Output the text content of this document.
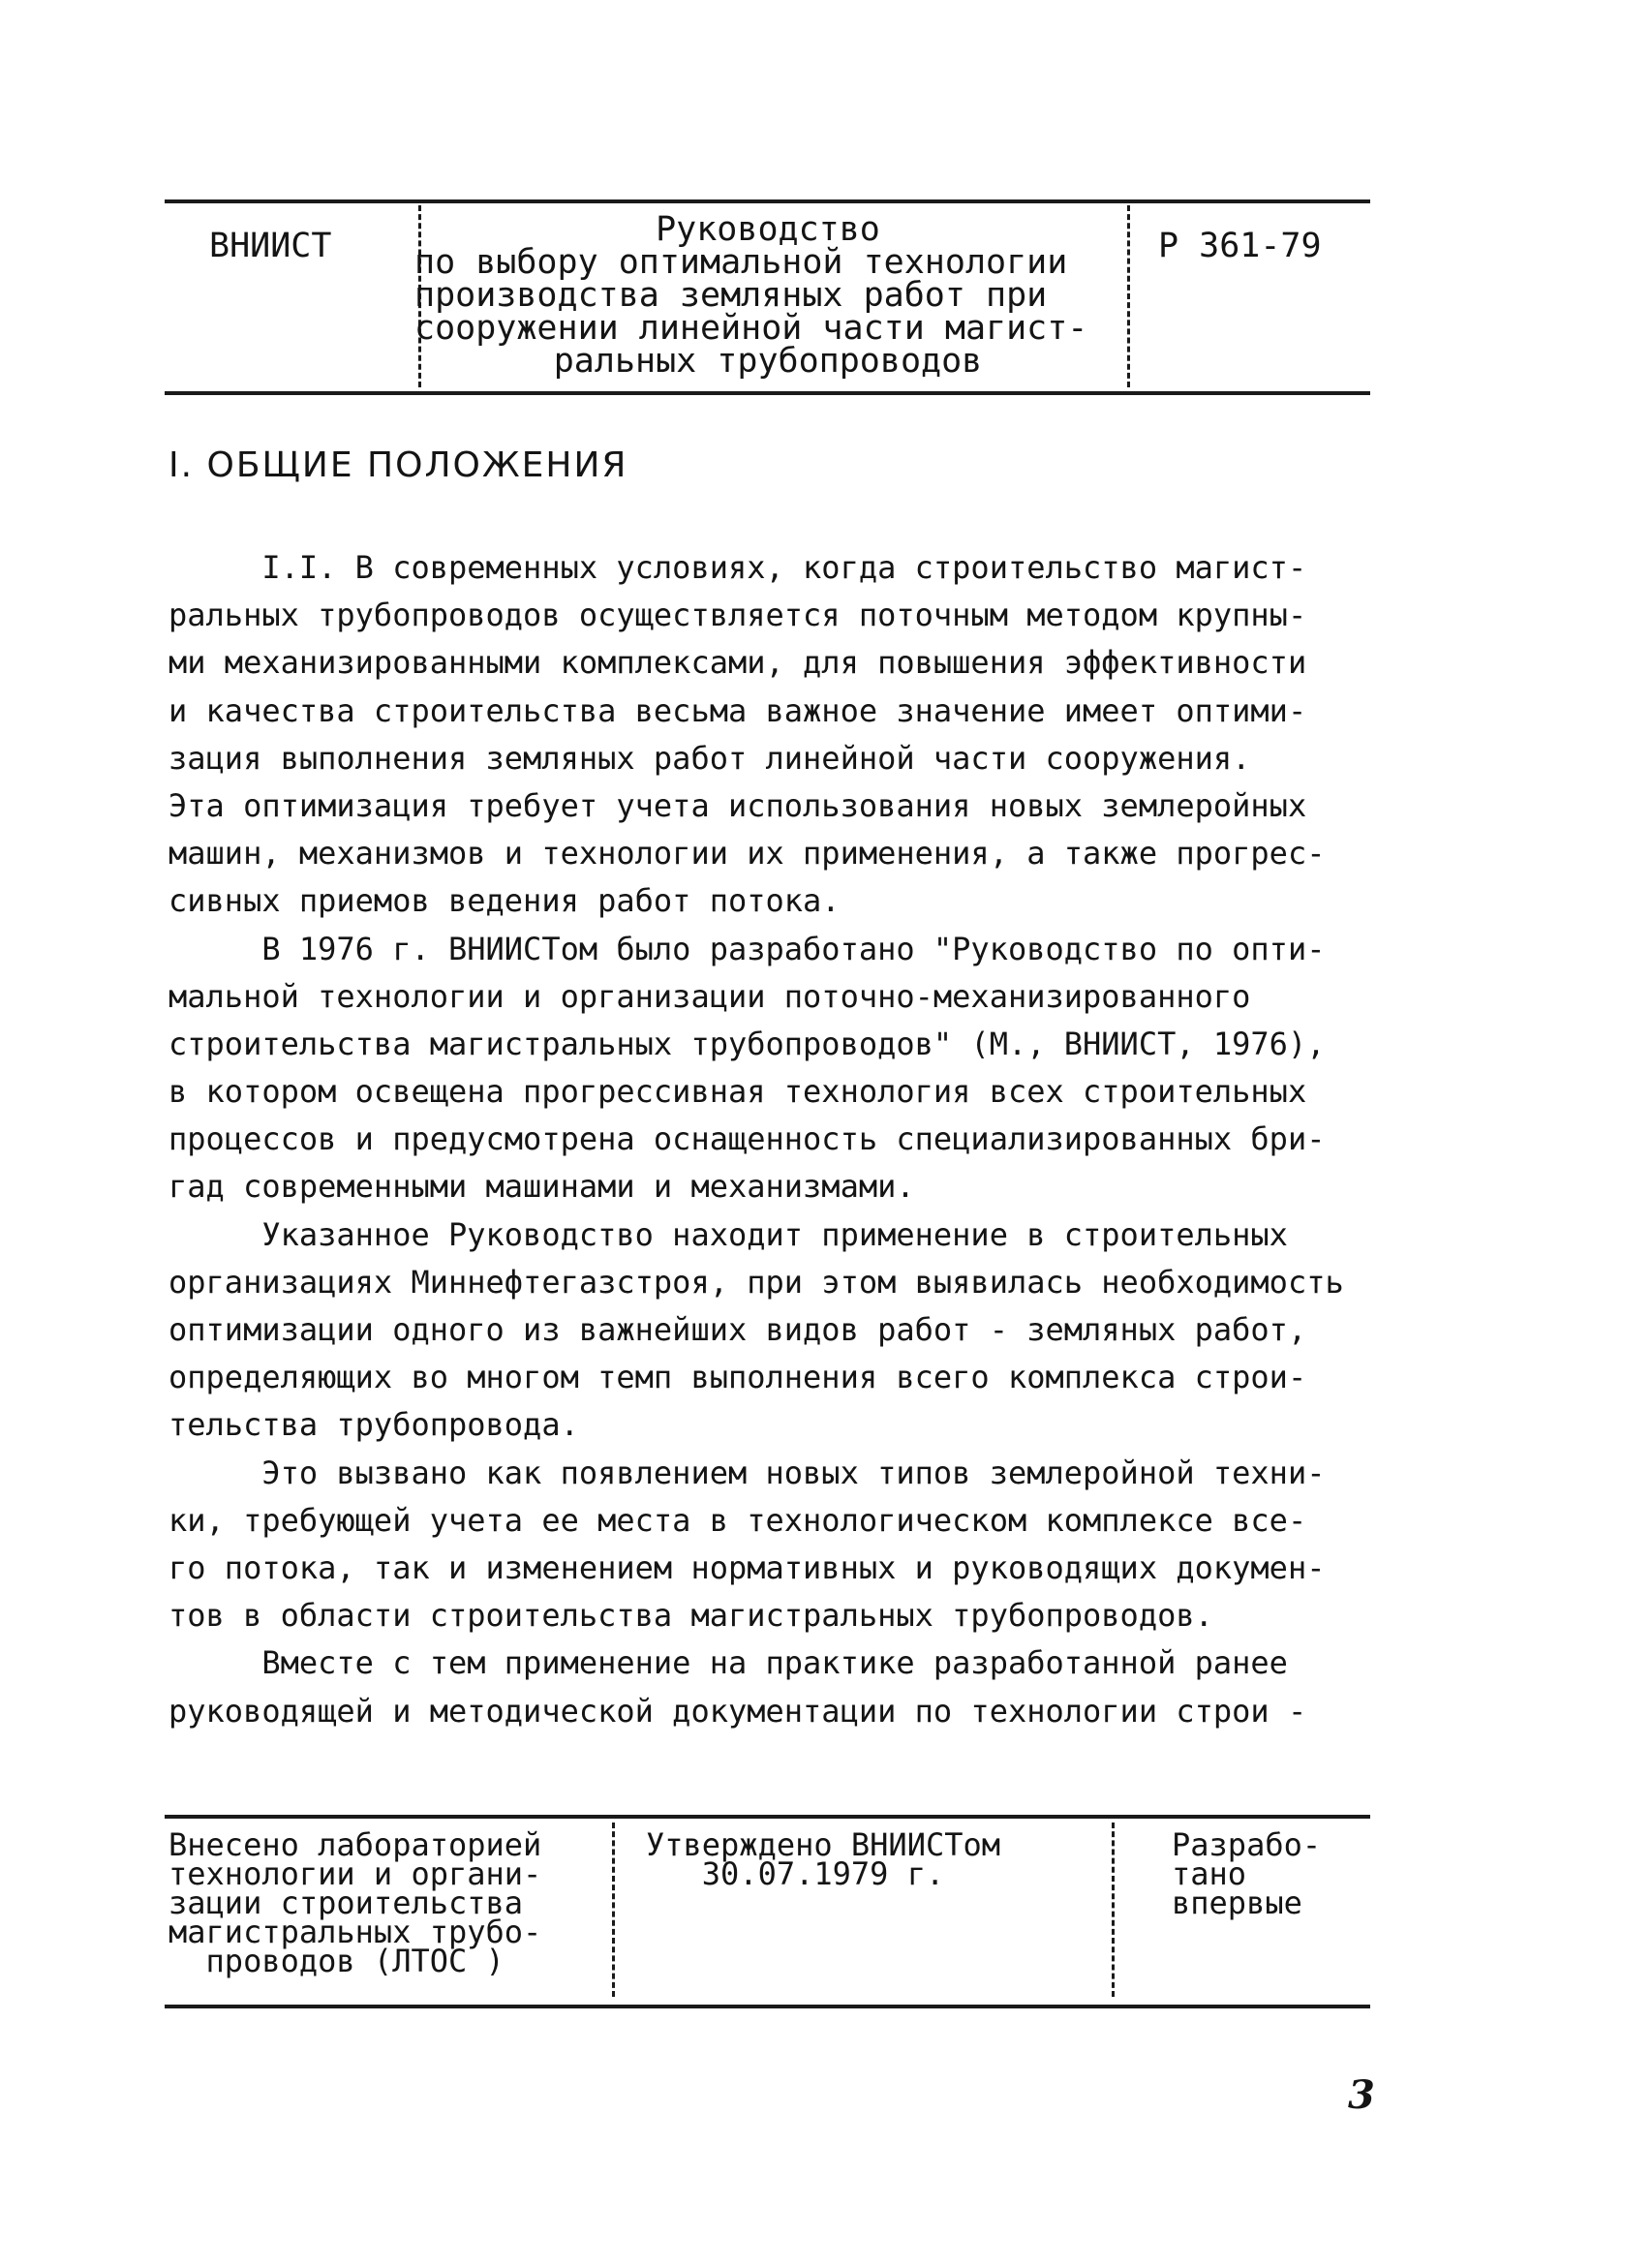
ВНИИСТ	Руководство
по выбору оптимальной технологии
производства земляных работ при
сооружении линейной части магист-
ральных трубопроводов
Р 361-79
I. ОБЩИЕ ПОЛОЖЕНИЯ
I.I. В современных условиях, когда строительство магист-
ральных трубопроводов осуществляется поточным методом крупны-
ми механизированными комплексами, для повышения эффективности
и качества строительства весьма важное значение имеет оптими-
зация выполнения земляных работ линейной части сооружения.
Эта оптимизация требует учета использования новых землеройных
машин, механизмов и технологии их применения, а также прогрес-
сивных приемов ведения работ потока.
В 1976 г. ВНИИСТом было разработано "Руководство по опти-
мальной технологии и организации поточно-механизированного
строительства магистральных трубопроводов" (М., ВНИИСТ, 1976),
в котором освещена прогрессивная технология всех строительных
процессов и предусмотрена оснащенность специализированных бри-
гад современными машинами и механизмами.
Указанное Руководство находит применение в строительных
организациях Миннефтегазстроя, при этом выявилась необходимость
оптимизации одного из важнейших видов работ - земляных работ,
определяющих во многом темп выполнения всего комплекса строи-
тельства трубопровода.
Это вызвано как появлением новых типов землеройной техни-
ки, требующей учета ее места в технологическом комплексе все-
го потока, так и изменением нормативных и руководящих докумен-
тов в области строительства магистральных трубопроводов.
Вместе с тем применение на практике разработанной ранее
руководящей и методической документации по технологии строи -
Внесено лабораторией
технологии и органи-
зации строительства
магистральных трубо-
проводов (ЛТОС )
Утверждено ВНИИСТом
30.07.1979 г.
Разрабо-
тано
впервые
3
